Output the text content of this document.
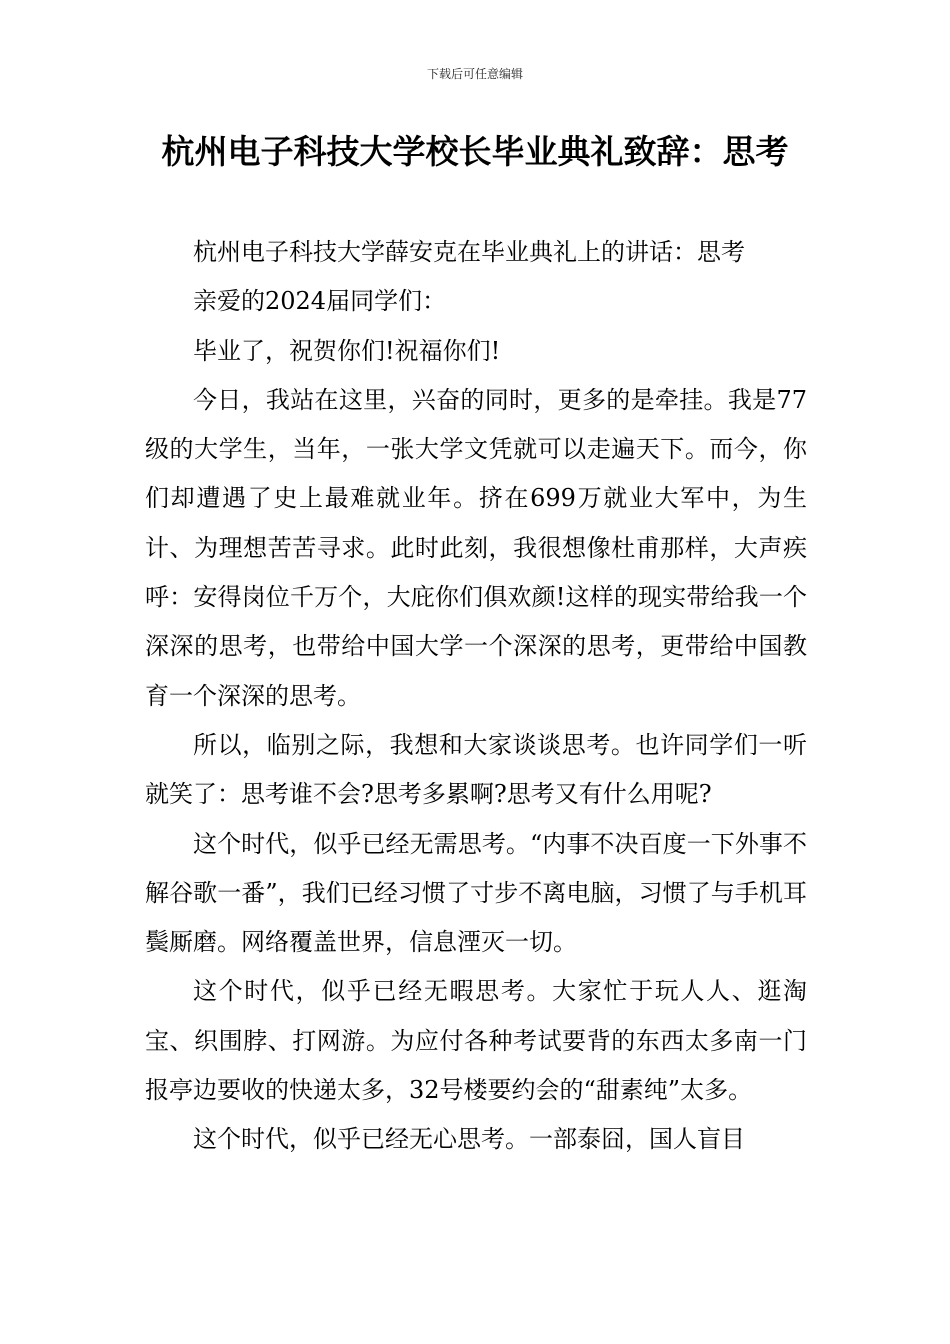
下载后可任意编辑
杭州电子科技大学校长毕业典礼致辞：思考

杭州电子科技大学薛安克在毕业典礼上的讲话：思考

亲爱的2024届同学们：

毕业了，祝贺你们!祝福你们!

今日，我站在这里，兴奋的同时，更多的是牵挂。我是77级的大学生，当年，一张大学文凭就可以走遍天下。而今，你们却遭遇了史上最难就业年。挤在699万就业大军中，为生计、为理想苦苦寻求。此时此刻，我很想像杜甫那样，大声疾呼：安得岗位千万个，大庇你们俱欢颜!这样的现实带给我一个深深的思考，也带给中国大学一个深深的思考，更带给中国教育一个深深的思考。

所以，临别之际，我想和大家谈谈思考。也许同学们一听就笑了：思考谁不会?思考多累啊?思考又有什么用呢?

这个时代，似乎已经无需思考。“内事不决百度一下外事不解谷歌一番”，我们已经习惯了寸步不离电脑，习惯了与手机耳鬓厮磨。网络覆盖世界，信息湮灭一切。

这个时代，似乎已经无暇思考。大家忙于玩人人、逛淘宝、织围脖、打网游。为应付各种考试要背的东西太多南一门报亭边要收的快递太多，32号楼要约会的“甜素纯”太多。

这个时代，似乎已经无心思考。一部泰囧，国人盲目
